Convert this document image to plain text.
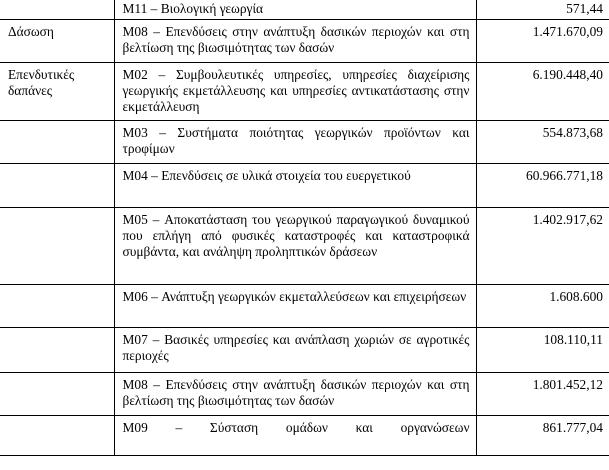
	M11 – Βιολογική γεωργία	571,44
Δάσωση	M08 – Επενδύσεις στην ανάπτυξη δασικών περιοχών και στη βελτίωση της βιωσιμότητας των δασών	1.471.670,09
Επενδυτικές δαπάνες	M02 – Συμβουλευτικές υπηρεσίες, υπηρεσίες διαχείρισης γεωργικής εκμετάλλευσης και υπηρεσίες αντικατάστασης στην εκμετάλλευση	6.190.448,40
	M03 – Συστήματα ποιότητας γεωργικών προϊόντων και τροφίμων	554.873,68
	M04 – Επενδύσεις σε υλικά στοιχεία του ευεργετικού	60.966.771,18
	M05 – Αποκατάσταση του γεωργικού παραγωγικού δυναμικού που επλήγη από φυσικές καταστροφές και καταστροφικά συμβάντα, και ανάληψη προληπτικών δράσεων	1.402.917,62
	M06 – Ανάπτυξη γεωργικών εκμεταλλεύσεων και επιχειρήσεων	1.608.600
	M07 – Βασικές υπηρεσίες και ανάπλαση χωριών σε αγροτικές περιοχές	108.110,11
	M08 – Επενδύσεις στην ανάπτυξη δασικών περιοχών και στη βελτίωση της βιωσιμότητας των δασών	1.801.452,12
	M09 – Σύσταση ομάδων και οργανώσεων	861.777,04
